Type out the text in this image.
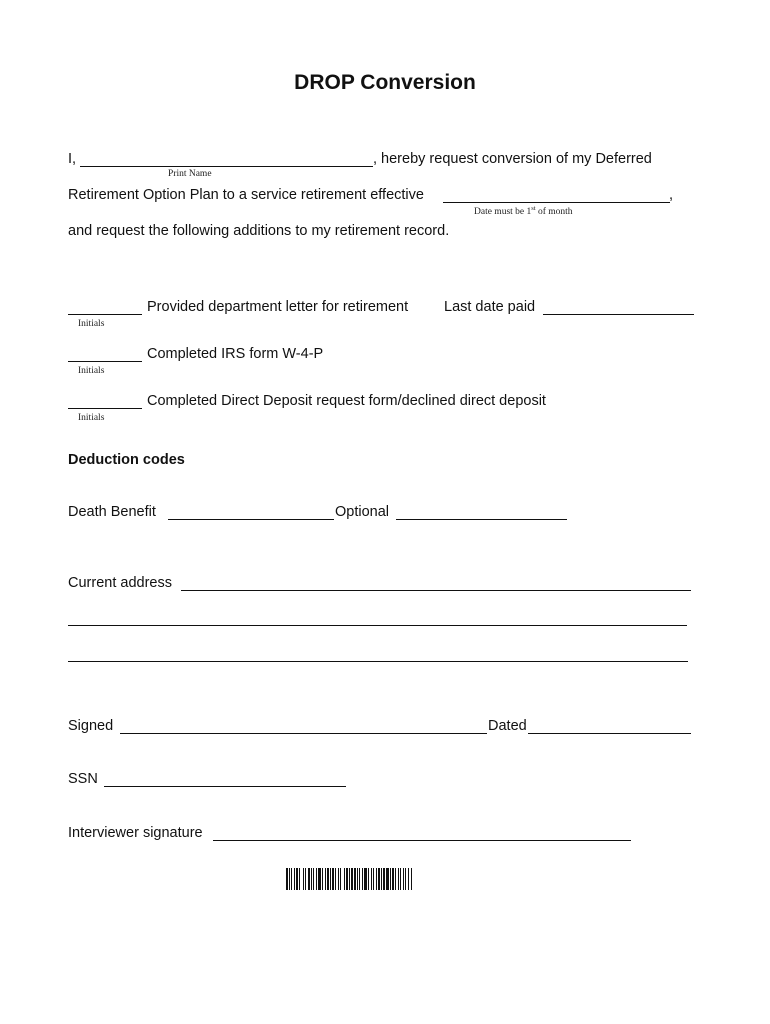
DROP Conversion
I,	, hereby request conversion of my Deferred
Print Name
Retirement Option Plan to a service retirement effective	,
Date must be 1st of month
and request the following additions to my retirement record.
Provided department letter for retirement
Initials
Last date paid
Completed IRS form W-4-P
Initials
Completed Direct Deposit request form/declined direct deposit
Initials
Deduction codes
Death Benefit	Optional
Current address
Signed	Dated
SSN
Interviewer signature
